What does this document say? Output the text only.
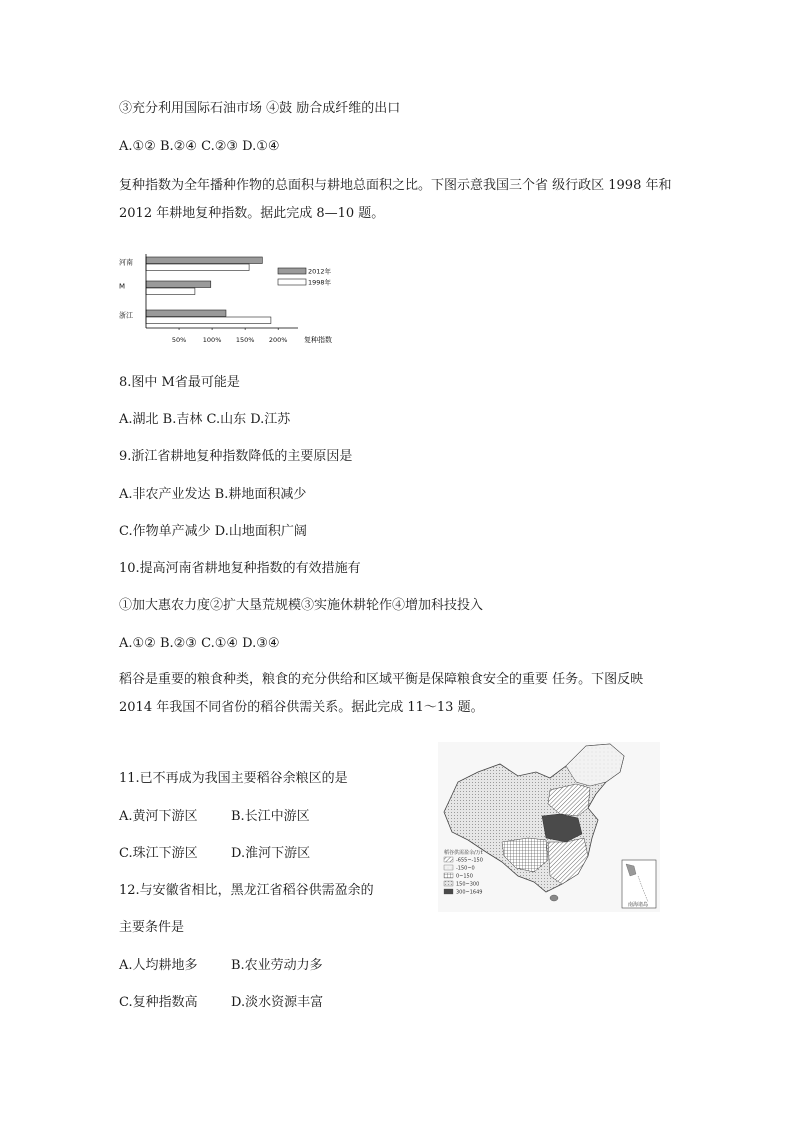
③充分利用国际石油市场 ④鼓 励合成纤维的出口
A.①② B.②④ C.②③ D.①④
复种指数为全年播种作物的总面积与耕地总面积之比。下图示意我国三个省 级行政区 1998 年和 2012 年耕地复种指数。据此完成 8—10 题。
河南
M
浙江
50%	100% 150% 200% 复种指数
2012年
1998年
8.图中 M省最可能是
A.湖北 B.吉林 C.山东 D.江苏
9.浙江省耕地复种指数降低的主要原因是
A.非农产业发达 B.耕地面积减少
C.作物单产减少 D.山地面积广阔
10.提高河南省耕地复种指数的有效措施有
①加大惠农力度②扩大垦荒规模③实施休耕轮作④增加科技投入
A.①② B.②③ C.①④ D.③④
稻谷是重要的粮食种类，粮食的充分供给和区域平衡是保障粮食安全的重要 任务。下图反映 2014 年我国不同省份的稻谷供需关系。据此完成 11～13 题。
11.已不再成为我国主要稻谷余粮区的是
A.黄河下游区	B.长江中游区
C.珠江下游区	D.淮河下游区
12.与安徽省相比，黑龙江省稻谷供需盈余的
主要条件是
A.人均耕地多	B.农业劳动力多
C.复种指数高	D.淡水资源丰富
稻谷供需盈余/万t
-655~-150
-150~0
0~150
150~300
300~1649
南海诸岛
